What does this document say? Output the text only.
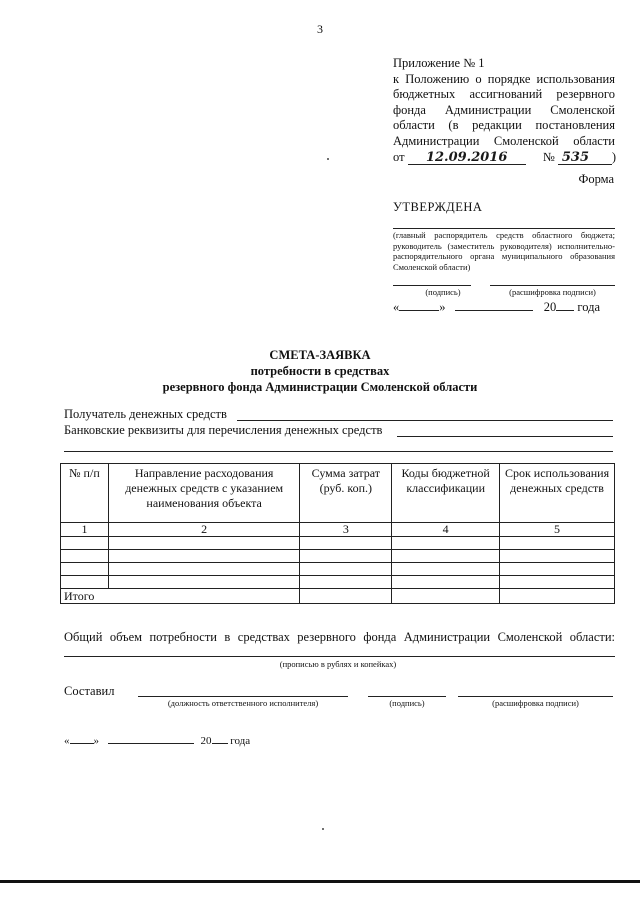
3
Приложение № 1
к Положению о порядке использования
бюджетных ассигнований резервного
фонда Администрации Смоленской
области (в редакции постановления
Администрации Смоленской области
от 12.09.2016	№ 535 )
Форма
УТВЕРЖДЕНА
(главный распорядитель средств областного бюджета; руководитель (заместитель руководителя) исполнительно-распорядительного органа муниципального образования Смоленской области)
(подпись)	(расшифровка подписи)
«	»	20 года
СМЕТА-ЗАЯВКА
потребности в средствах
резервного фонда Администрации Смоленской области
Получатель денежных средств
Банковские реквизиты для перечисления денежных средств
№ п/п	Направление расходования денежных средств с указанием наименования объекта	Сумма затрат (руб. коп.)	Коды бюджетной классификации	Срок использования денежных средств
1	2	3	4	5

Итого				
Общий объем потребности в средствах резервного фонда Администрации Смоленской области:
(прописью в рублях и копейках)
Составил
(должность ответственного исполнителя)	(подпись)	(расшифровка подписи)
« »	20 года
